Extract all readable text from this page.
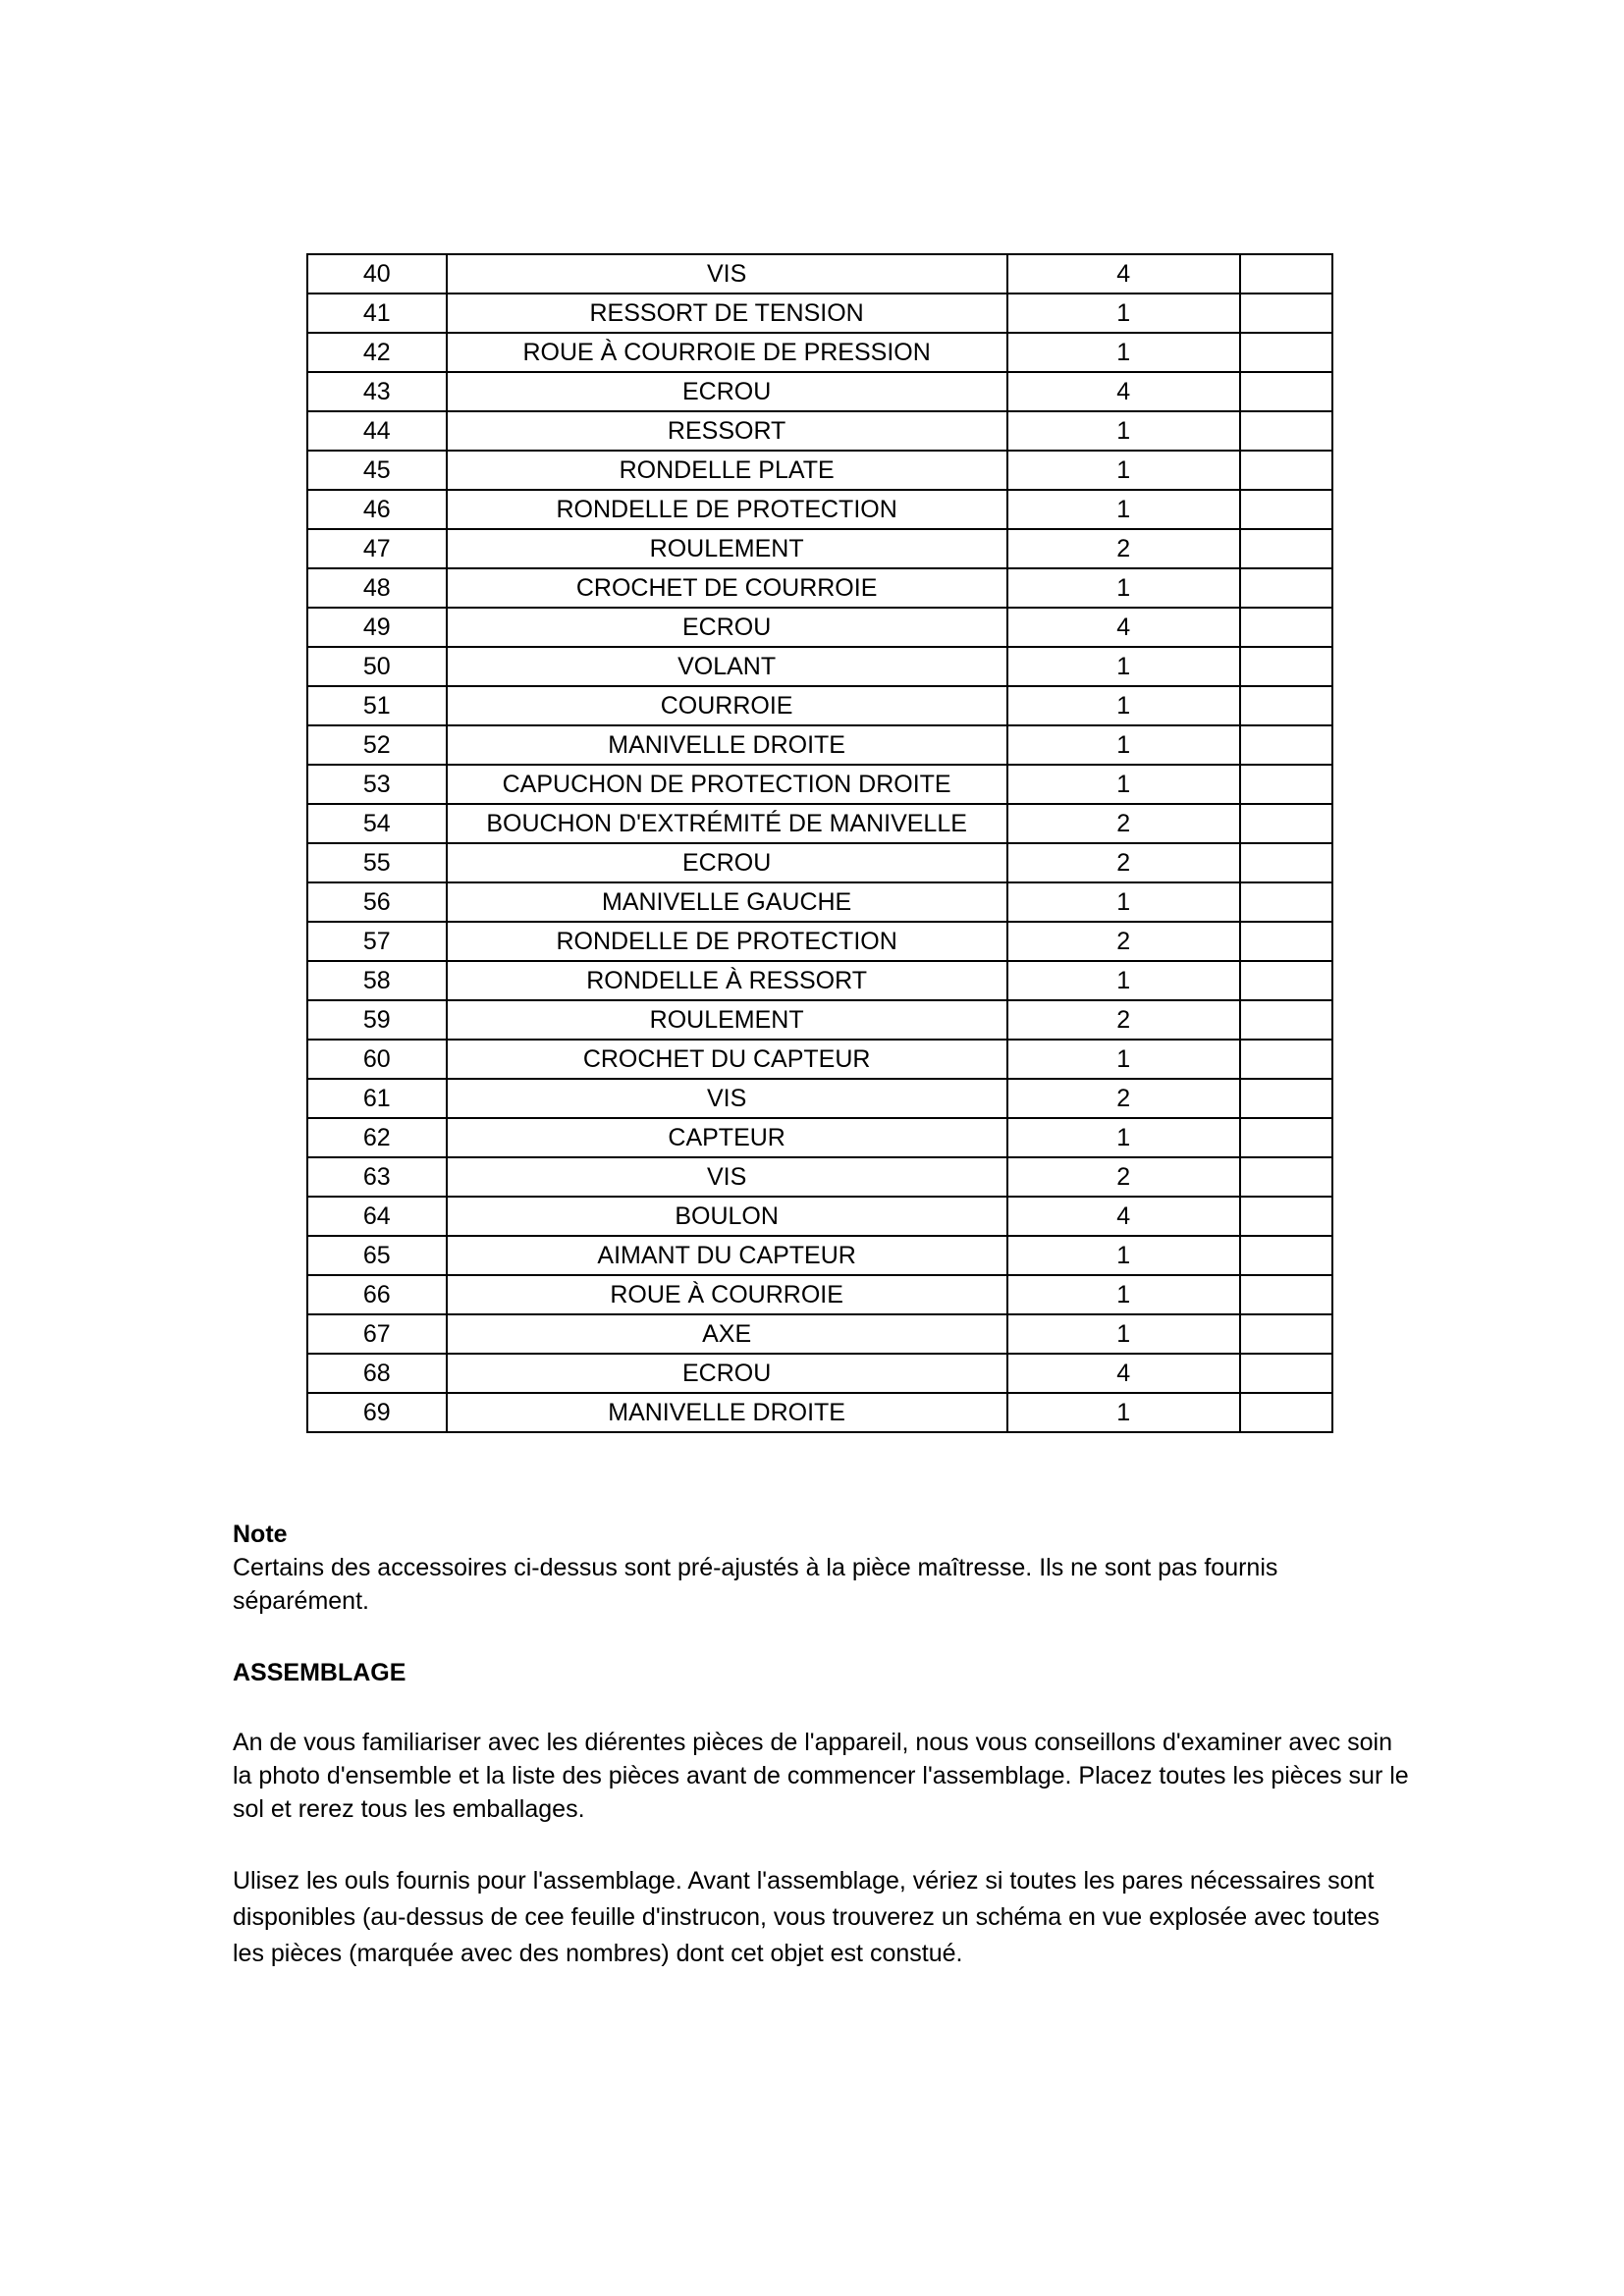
40	VIS	4	
41	RESSORT DE TENSION	1	
42	ROUE À COURROIE DE PRESSION	1	
43	ECROU	4	
44	RESSORT	1	
45	RONDELLE PLATE	1	
46	RONDELLE DE PROTECTION	1	
47	ROULEMENT	2	
48	CROCHET DE COURROIE	1	
49	ECROU	4	
50	VOLANT	1	
51	COURROIE	1	
52	MANIVELLE DROITE	1	
53	CAPUCHON DE PROTECTION DROITE	1	
54	BOUCHON D'EXTRÉMITÉ DE MANIVELLE	2	
55	ECROU	2	
56	MANIVELLE GAUCHE	1	
57	RONDELLE DE PROTECTION	2	
58	RONDELLE À RESSORT	1	
59	ROULEMENT	2	
60	CROCHET DU CAPTEUR	1	
61	VIS	2	
62	CAPTEUR	1	
63	VIS	2	
64	BOULON	4	
65	AIMANT DU CAPTEUR	1	
66	ROUE À COURROIE	1	
67	AXE	1	
68	ECROU	4	
69	MANIVELLE DROITE	1	

Note

Certains des accessoires ci-dessus sont pré-ajustés à la pièce maîtresse. Ils ne sont pas fournis séparément.

ASSEMBLAGE

An de vous familiariser avec les diérentes pièces de l'appareil, nous vous conseillons d'examiner avec soin la photo d'ensemble et la liste des pièces avant de commencer l'assemblage. Placez toutes les pièces sur le sol et rerez tous les emballages.

Ulisez les ouls fournis pour l'assemblage. Avant l'assemblage, vériez si toutes les pares nécessaires sont disponibles (au-dessus de cee feuille d'instrucon, vous trouverez un schéma en vue explosée avec toutes les pièces (marquée avec des nombres) dont cet objet est constué.
